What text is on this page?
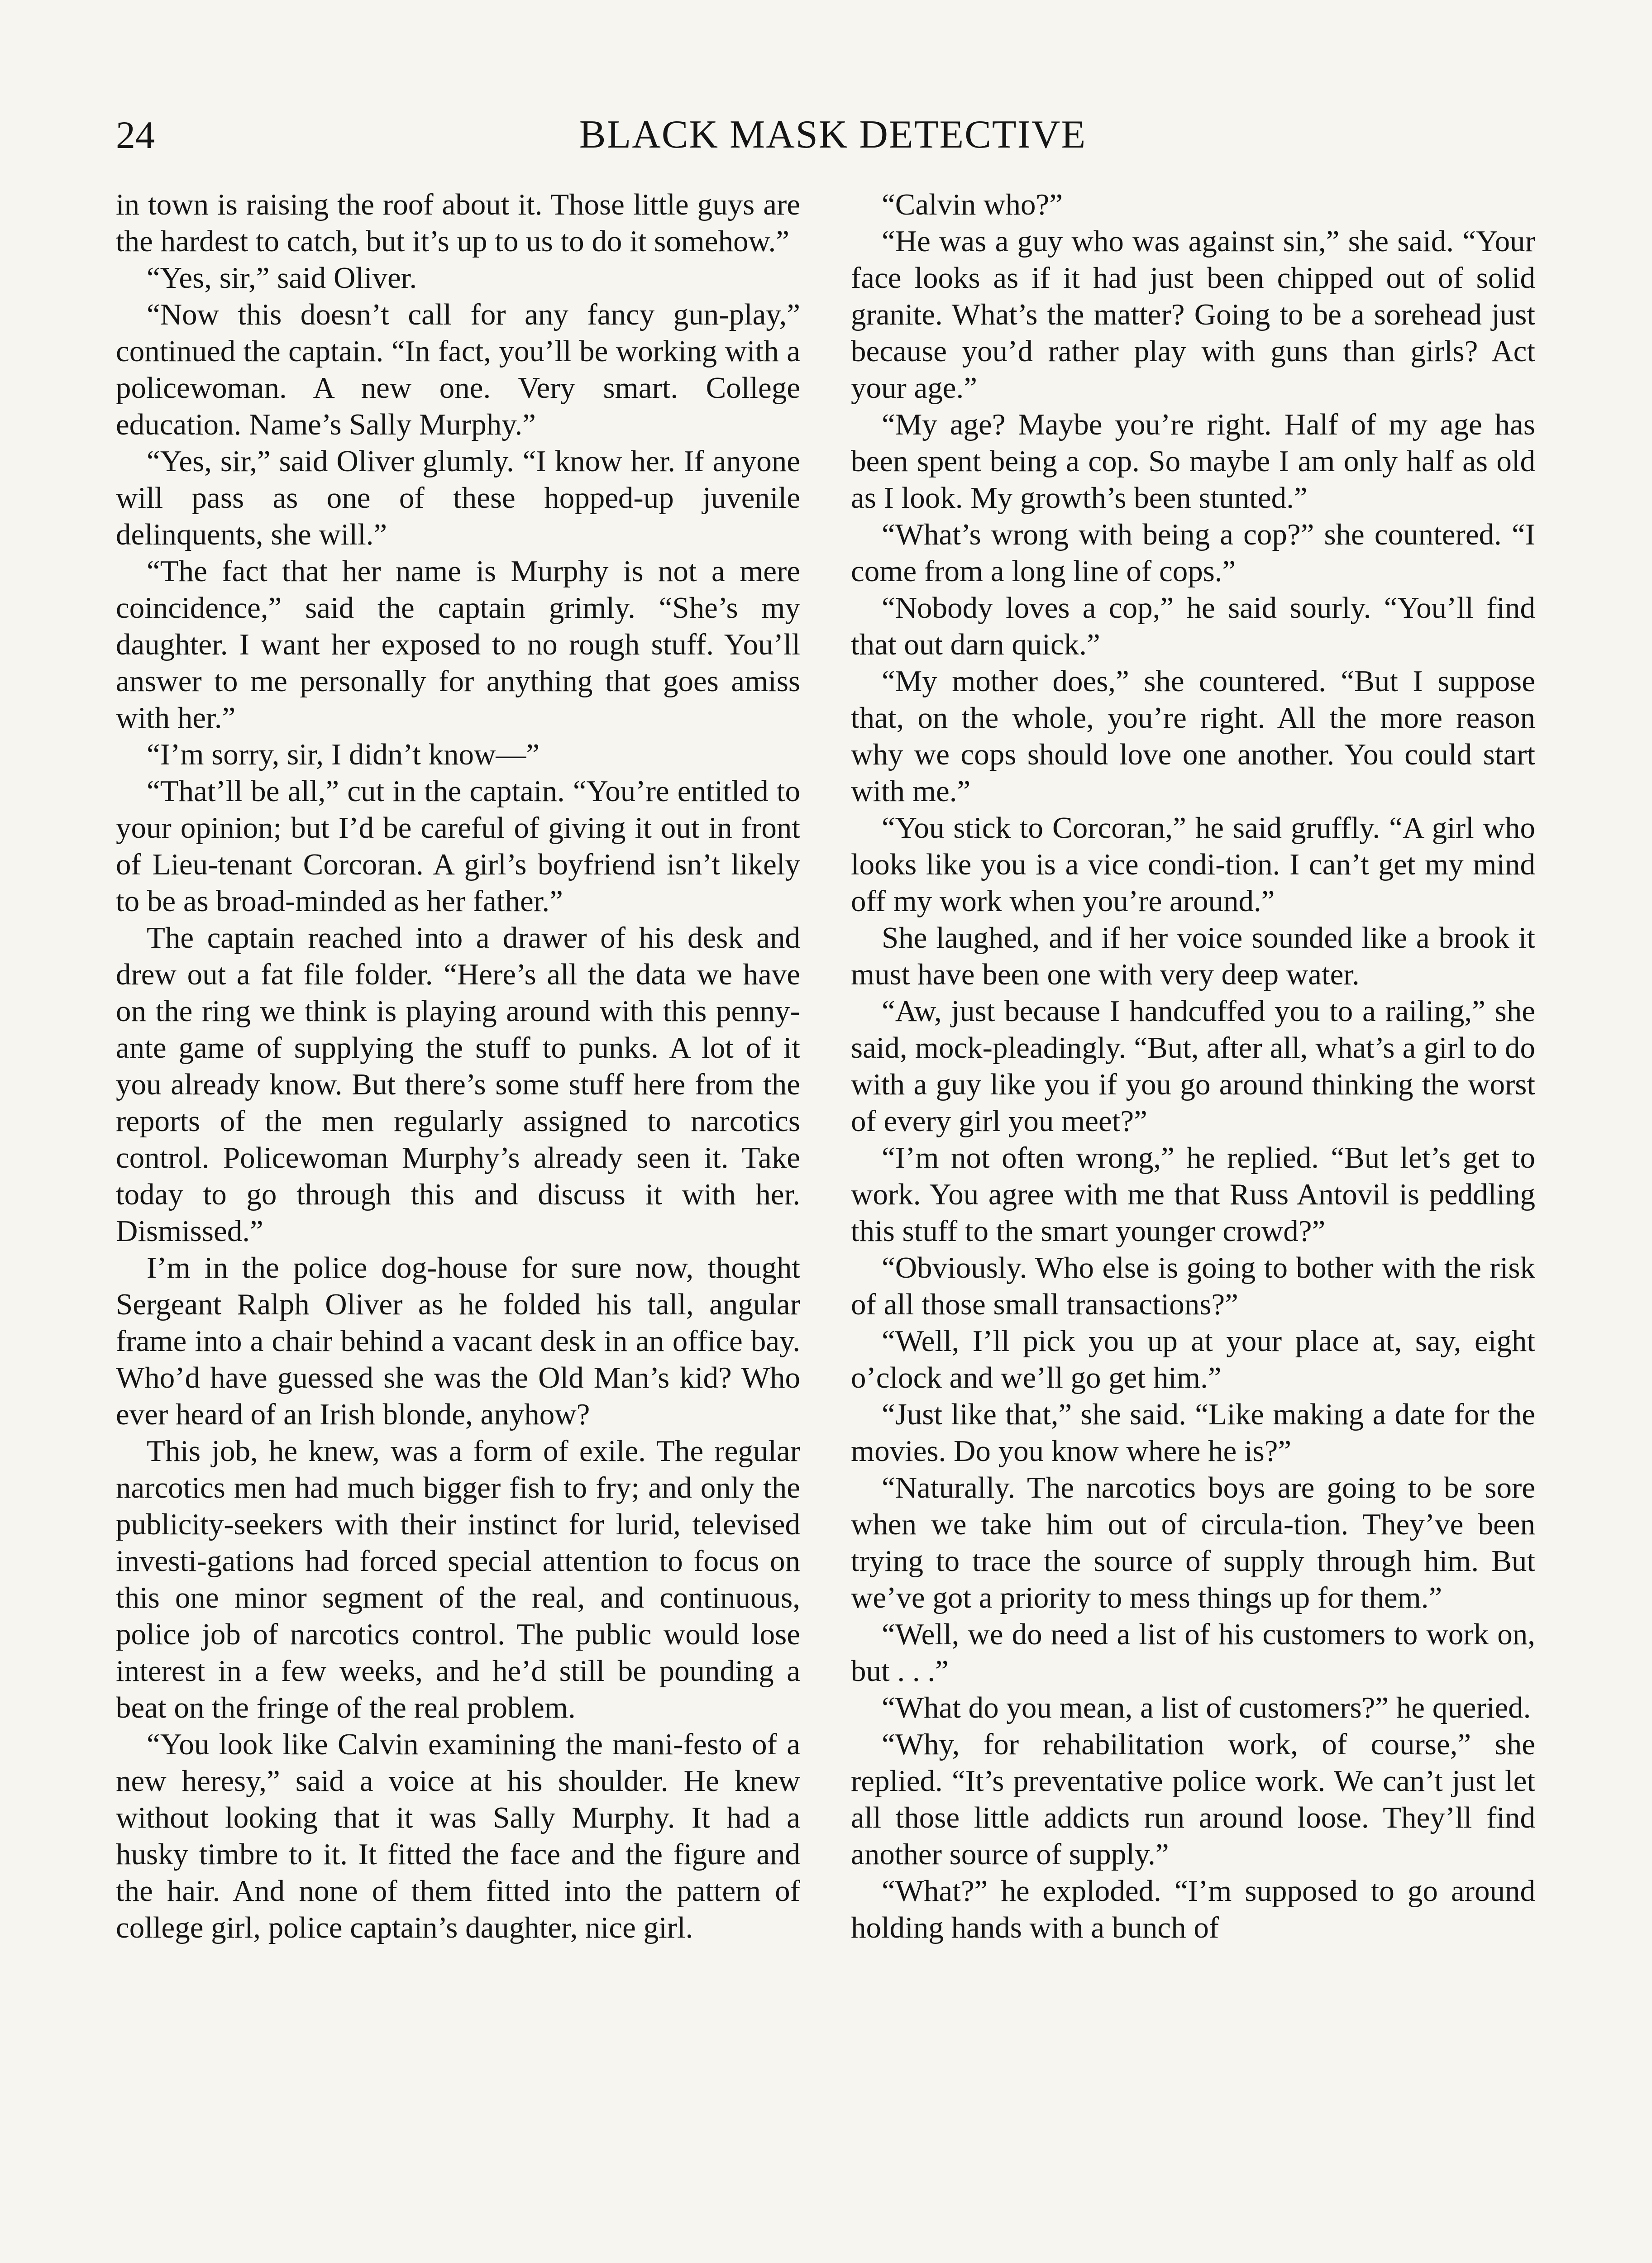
24	BLACK MASK DETECTIVE

in town is raising the roof about it. Those little guys are the hardest to catch, but it’s up to us to do it somehow.”

“Yes, sir,” said Oliver.

“Now this doesn’t call for any fancy gun-play,” continued the captain. “In fact, you’ll be working with a policewoman. A new one. Very smart. College education. Name’s Sally Murphy.”

“Yes, sir,” said Oliver glumly. “I know her. If anyone will pass as one of these hopped-up juvenile delinquents, she will.”

“The fact that her name is Murphy is not a mere coincidence,” said the captain grimly. “She’s my daughter. I want her exposed to no rough stuff. You’ll answer to me personally for anything that goes amiss with her.”

“I’m sorry, sir, I didn’t know—”

“That’ll be all,” cut in the captain. “You’re entitled to your opinion; but I’d be careful of giving it out in front of Lieu-tenant Corcoran. A girl’s boyfriend isn’t likely to be as broad-minded as her father.”

The captain reached into a drawer of his desk and drew out a fat file folder. “Here’s all the data we have on the ring we think is playing around with this penny-ante game of supplying the stuff to punks. A lot of it you already know. But there’s some stuff here from the reports of the men regularly assigned to narcotics control. Policewoman Murphy’s already seen it. Take today to go through this and discuss it with her. Dismissed.”

I’m in the police dog-house for sure now, thought Sergeant Ralph Oliver as he folded his tall, angular frame into a chair behind a vacant desk in an office bay. Who’d have guessed she was the Old Man’s kid? Who ever heard of an Irish blonde, anyhow?

This job, he knew, was a form of exile. The regular narcotics men had much bigger fish to fry; and only the publicity-seekers with their instinct for lurid, televised investi-gations had forced special attention to focus on this one minor segment of the real, and continuous, police job of narcotics control. The public would lose interest in a few weeks, and he’d still be pounding a beat on the fringe of the real problem.

“You look like Calvin examining the mani-festo of a new heresy,” said a voice at his shoulder. He knew without looking that it was Sally Murphy. It had a husky timbre to it. It fitted the face and the figure and the hair. And none of them fitted into the pattern of college girl, police captain’s daughter, nice girl.

“Calvin who?”

“He was a guy who was against sin,” she said. “Your face looks as if it had just been chipped out of solid granite. What’s the matter? Going to be a sorehead just because you’d rather play with guns than girls? Act your age.”

“My age? Maybe you’re right. Half of my age has been spent being a cop. So maybe I am only half as old as I look. My growth’s been stunted.”

“What’s wrong with being a cop?” she countered. “I come from a long line of cops.”

“Nobody loves a cop,” he said sourly. “You’ll find that out darn quick.”

“My mother does,” she countered. “But I suppose that, on the whole, you’re right. All the more reason why we cops should love one another. You could start with me.”

“You stick to Corcoran,” he said gruffly. “A girl who looks like you is a vice condi-tion. I can’t get my mind off my work when you’re around.”

She laughed, and if her voice sounded like a brook it must have been one with very deep water.

“Aw, just because I handcuffed you to a railing,” she said, mock-pleadingly. “But, after all, what’s a girl to do with a guy like you if you go around thinking the worst of every girl you meet?”

“I’m not often wrong,” he replied. “But let’s get to work. You agree with me that Russ Antovil is peddling this stuff to the smart younger crowd?”

“Obviously. Who else is going to bother with the risk of all those small transactions?”

“Well, I’ll pick you up at your place at, say, eight o’clock and we’ll go get him.”

“Just like that,” she said. “Like making a date for the movies. Do you know where he is?”

“Naturally. The narcotics boys are going to be sore when we take him out of circula-tion. They’ve been trying to trace the source of supply through him. But we’ve got a priority to mess things up for them.”

“Well, we do need a list of his customers to work on, but . . .”

“What do you mean, a list of customers?” he queried.

“Why, for rehabilitation work, of course,” she replied. “It’s preventative police work. We can’t just let all those little addicts run around loose. They’ll find another source of supply.”

“What?” he exploded. “I’m supposed to go around holding hands with a bunch of
